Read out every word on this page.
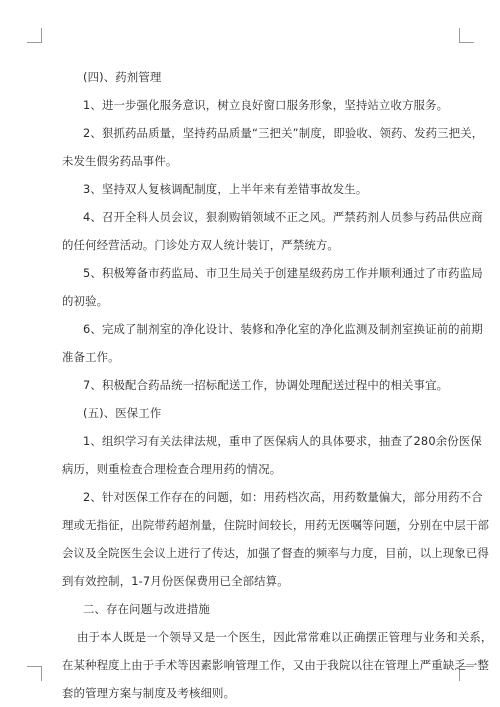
(四)、药剂管理
1、进一步强化服务意识，树立良好窗口服务形象，坚持站立收方服务。
2、狠抓药品质量，坚持药品质量“三把关”制度，即验收、领药、发药三把关，
未发生假劣药品事件。
3、坚持双人复核调配制度，上半年来有差错事故发生。
4、召开全科人员会议，狠刹购销领域不正之风。严禁药剂人员参与药品供应商
的任何经营活动。门诊处方双人统计装订，严禁统方。
5、积极筹备市药监局、市卫生局关于创建星级药房工作并顺利通过了市药监局
的初验。
6、完成了制剂室的净化设计、装修和净化室的净化监测及制剂室换证前的前期
准备工作。
7、积极配合药品统一招标配送工作，协调处理配送过程中的相关事宜。
(五)、医保工作
1、组织学习有关法律法规，重申了医保病人的具体要求，抽查了280余份医保
病历，则重检查合理检查合理用药的情况。
2、针对医保工作存在的问题，如：用药档次高，用药数量偏大，部分用药不合
理或无指征，出院带药超剂量，住院时间较长，用药无医嘱等问题，分别在中层干部
会议及全院医生会议上进行了传达，加强了督查的频率与力度，目前，以上现象已得
到有效控制，1-7月份医保费用已全部结算。
二、存在问题与改进措施
由于本人既是一个领导又是一个医生，因此常常难以正确摆正管理与业务和关系，
在某种程度上由于手术等因素影响管理工作，又由于我院以往在管理上严重缺乏一整
套的管理方案与制度及考核细则。
